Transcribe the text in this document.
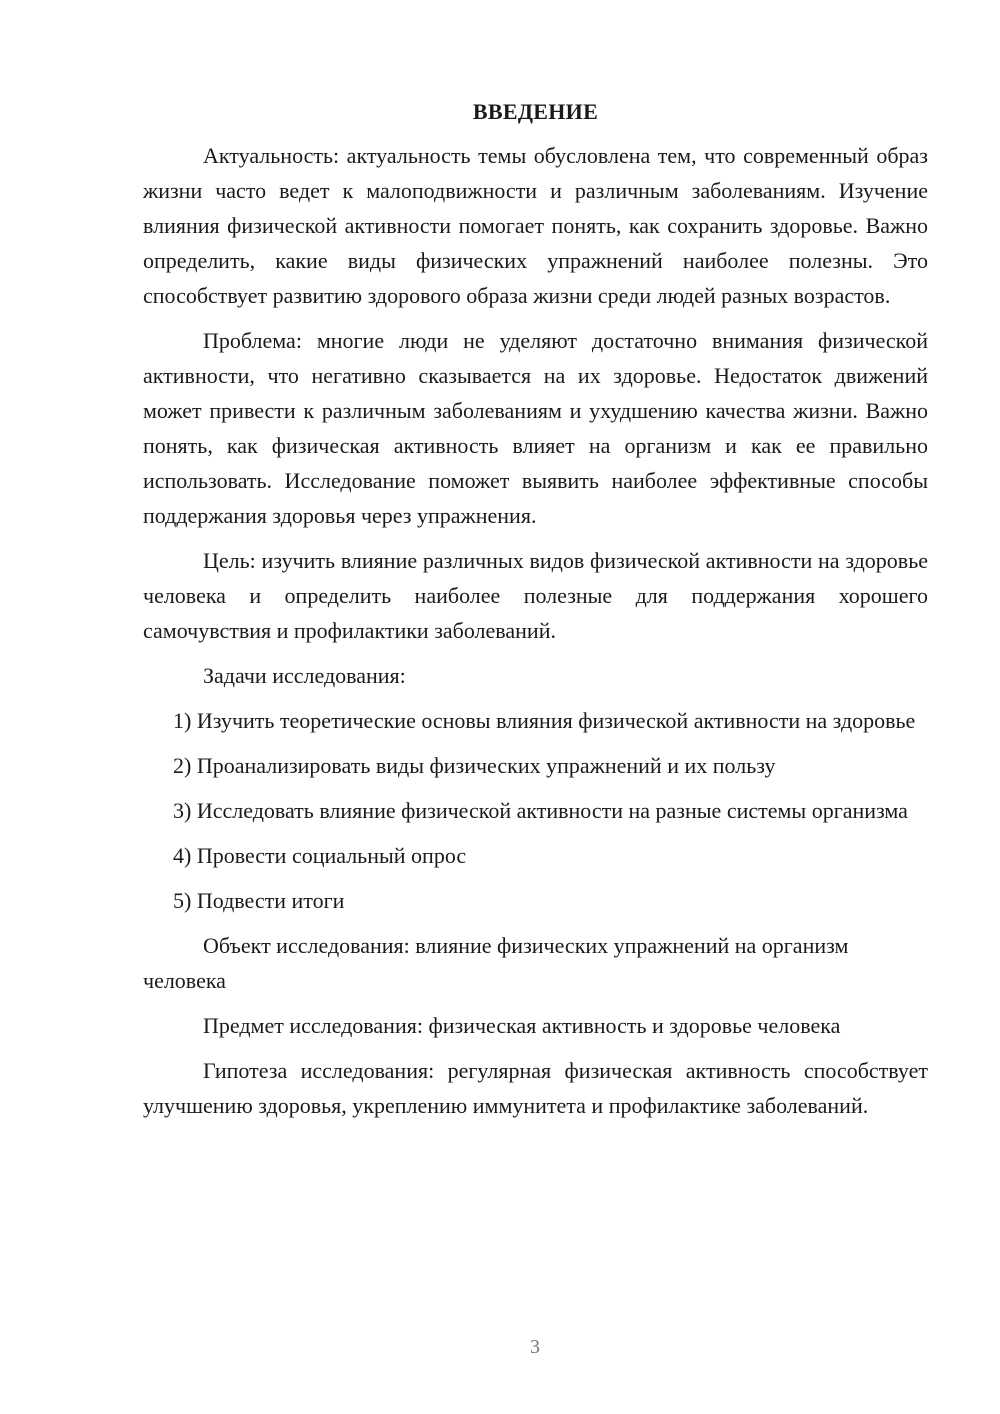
ВВЕДЕНИЕ

Актуальность: актуальность темы обусловлена тем, что современный образ жизни часто ведет к малоподвижности и различным заболеваниям. Изучение влияния физической активности помогает понять, как сохранить здоровье. Важно определить, какие виды физических упражнений наиболее полезны. Это способствует развитию здорового образа жизни среди людей разных возрастов.

Проблема: многие люди не уделяют достаточно внимания физической активности, что негативно сказывается на их здоровье. Недостаток движений может привести к различным заболеваниям и ухудшению качества жизни. Важно понять, как физическая активность влияет на организм и как ее правильно использовать. Исследование поможет выявить наиболее эффективные способы поддержания здоровья через упражнения.

Цель: изучить влияние различных видов физической активности на здоровье человека и определить наиболее полезные для поддержания хорошего самочувствия и профилактики заболеваний.

Задачи исследования:

1) Изучить теоретические основы влияния физической активности на здоровье

2) Проанализировать виды физических упражнений и их пользу

3) Исследовать влияние физической активности на разные системы организма

4) Провести социальный опрос

5) Подвести итоги

Объект исследования: влияние физических упражнений на организм человека

Предмет исследования: физическая активность и здоровье человека

Гипотеза исследования: регулярная физическая активность способствует улучшению здоровья, укреплению иммунитета и профилактике заболеваний.

3
